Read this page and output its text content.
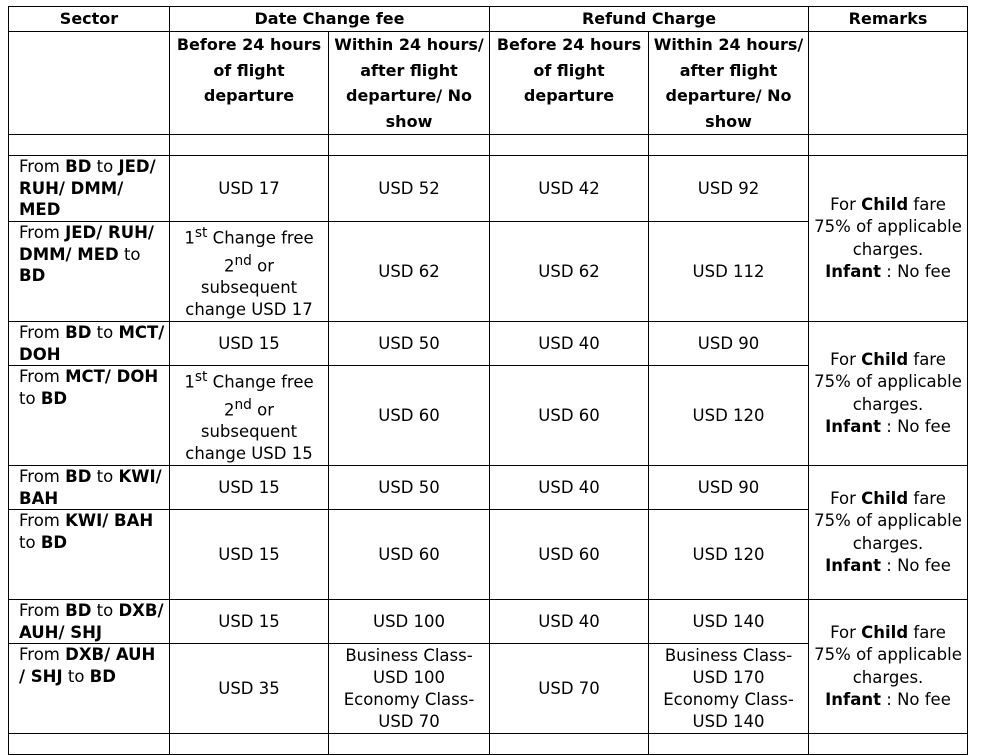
Sector	Date Change fee		Refund Charge		Remarks
	Before 24 hours of flight departure	Within 24 hours/ after flight departure/ No show	Before 24 hours of flight departure	Within 24 hours/ after flight departure/ No show	

From BD to JED/ RUH/ DMM/ MED	USD 17	USD 52	USD 42	USD 92	For Child fare 75% of applicable charges.
Infant : No fee
From JED/ RUH/ DMM/ MED to BD	1st Change free
2nd or subsequent change USD 17	USD 62	USD 62	USD 112	
From BD to MCT/ DOH	USD 15	USD 50	USD 40	USD 90	For Child fare 75% of applicable charges.
Infant : No fee
From MCT/ DOH to BD	1st Change free
2nd or subsequent change USD 15	USD 60	USD 60	USD 120	
From BD to KWI/ BAH	USD 15	USD 50	USD 40	USD 90	For Child fare 75% of applicable charges.
Infant : No fee
From KWI/ BAH to BD	USD 15	USD 60	USD 60	USD 120	
From BD to DXB/ AUH/ SHJ	USD 15	USD 100	USD 40	USD 140	For Child fare 75% of applicable charges.
Infant : No fee
From DXB/ AUH / SHJ to BD	USD 35	Business Class- USD 100
Economy Class- USD 70	USD 70	Business Class- USD 170
Economy Class- USD 140	
